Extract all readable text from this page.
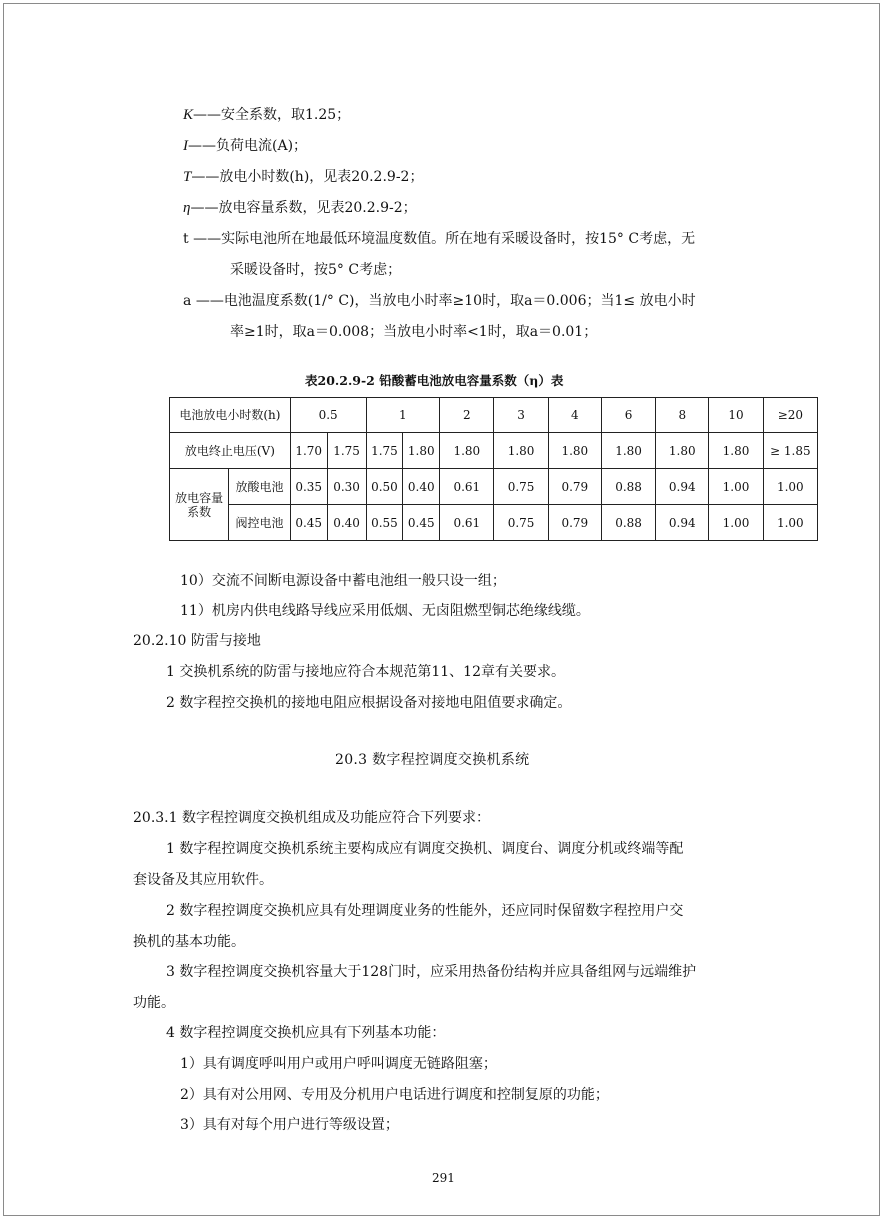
K——安全系数，取1.25；
I——负荷电流(A)；
T——放电小时数(h)，见表20.2.9-2；
η——放电容量系数，见表20.2.9-2；
t ——实际电池所在地最低环境温度数值。所在地有采暖设备时，按15° C考虑，无
采暖设备时，按5° C考虑；
a ——电池温度系数(1/° C)，当放电小时率≥10时，取a＝0.006；当1≤ 放电小时
率≥1时，取a＝0.008；当放电小时率<1时，取a＝0.01；
表20.2.9-2 铅酸蓄电池放电容量系数（η）表
电池放电小时数(h)		0.5		1		2	3	4	6	8	10	≥20
放电终止电压(V)		1.70	1.75	1.75	1.80	1.80	1.80	1.80	1.80	1.80	1.80	≥ 1.85
放电容量系数	放酸电池	0.35	0.30	0.50	0.40	0.61	0.75	0.79	0.88	0.94	1.00	1.00
	阀控电池	0.45	0.40	0.55	0.45	0.61	0.75	0.79	0.88	0.94	1.00	1.00
10）交流不间断电源设备中蓄电池组一般只设一组；
11）机房内供电线路导线应采用低烟、无卤阻燃型铜芯绝缘线缆。
20.2.10 防雷与接地
1 交换机系统的防雷与接地应符合本规范第11、12章有关要求。
2 数字程控交换机的接地电阻应根据设备对接地电阻值要求确定。
20.3 数字程控调度交换机系统
20.3.1 数字程控调度交换机组成及功能应符合下列要求：
1 数字程控调度交换机系统主要构成应有调度交换机、调度台、调度分机或终端等配
套设备及其应用软件。
2 数字程控调度交换机应具有处理调度业务的性能外，还应同时保留数字程控用户交
换机的基本功能。
3 数字程控调度交换机容量大于128门时，应采用热备份结构并应具备组网与远端维护
功能。
4 数字程控调度交换机应具有下列基本功能：
1）具有调度呼叫用户或用户呼叫调度无链路阻塞；
2）具有对公用网、专用及分机用户电话进行调度和控制复原的功能；
3）具有对每个用户进行等级设置；
291
